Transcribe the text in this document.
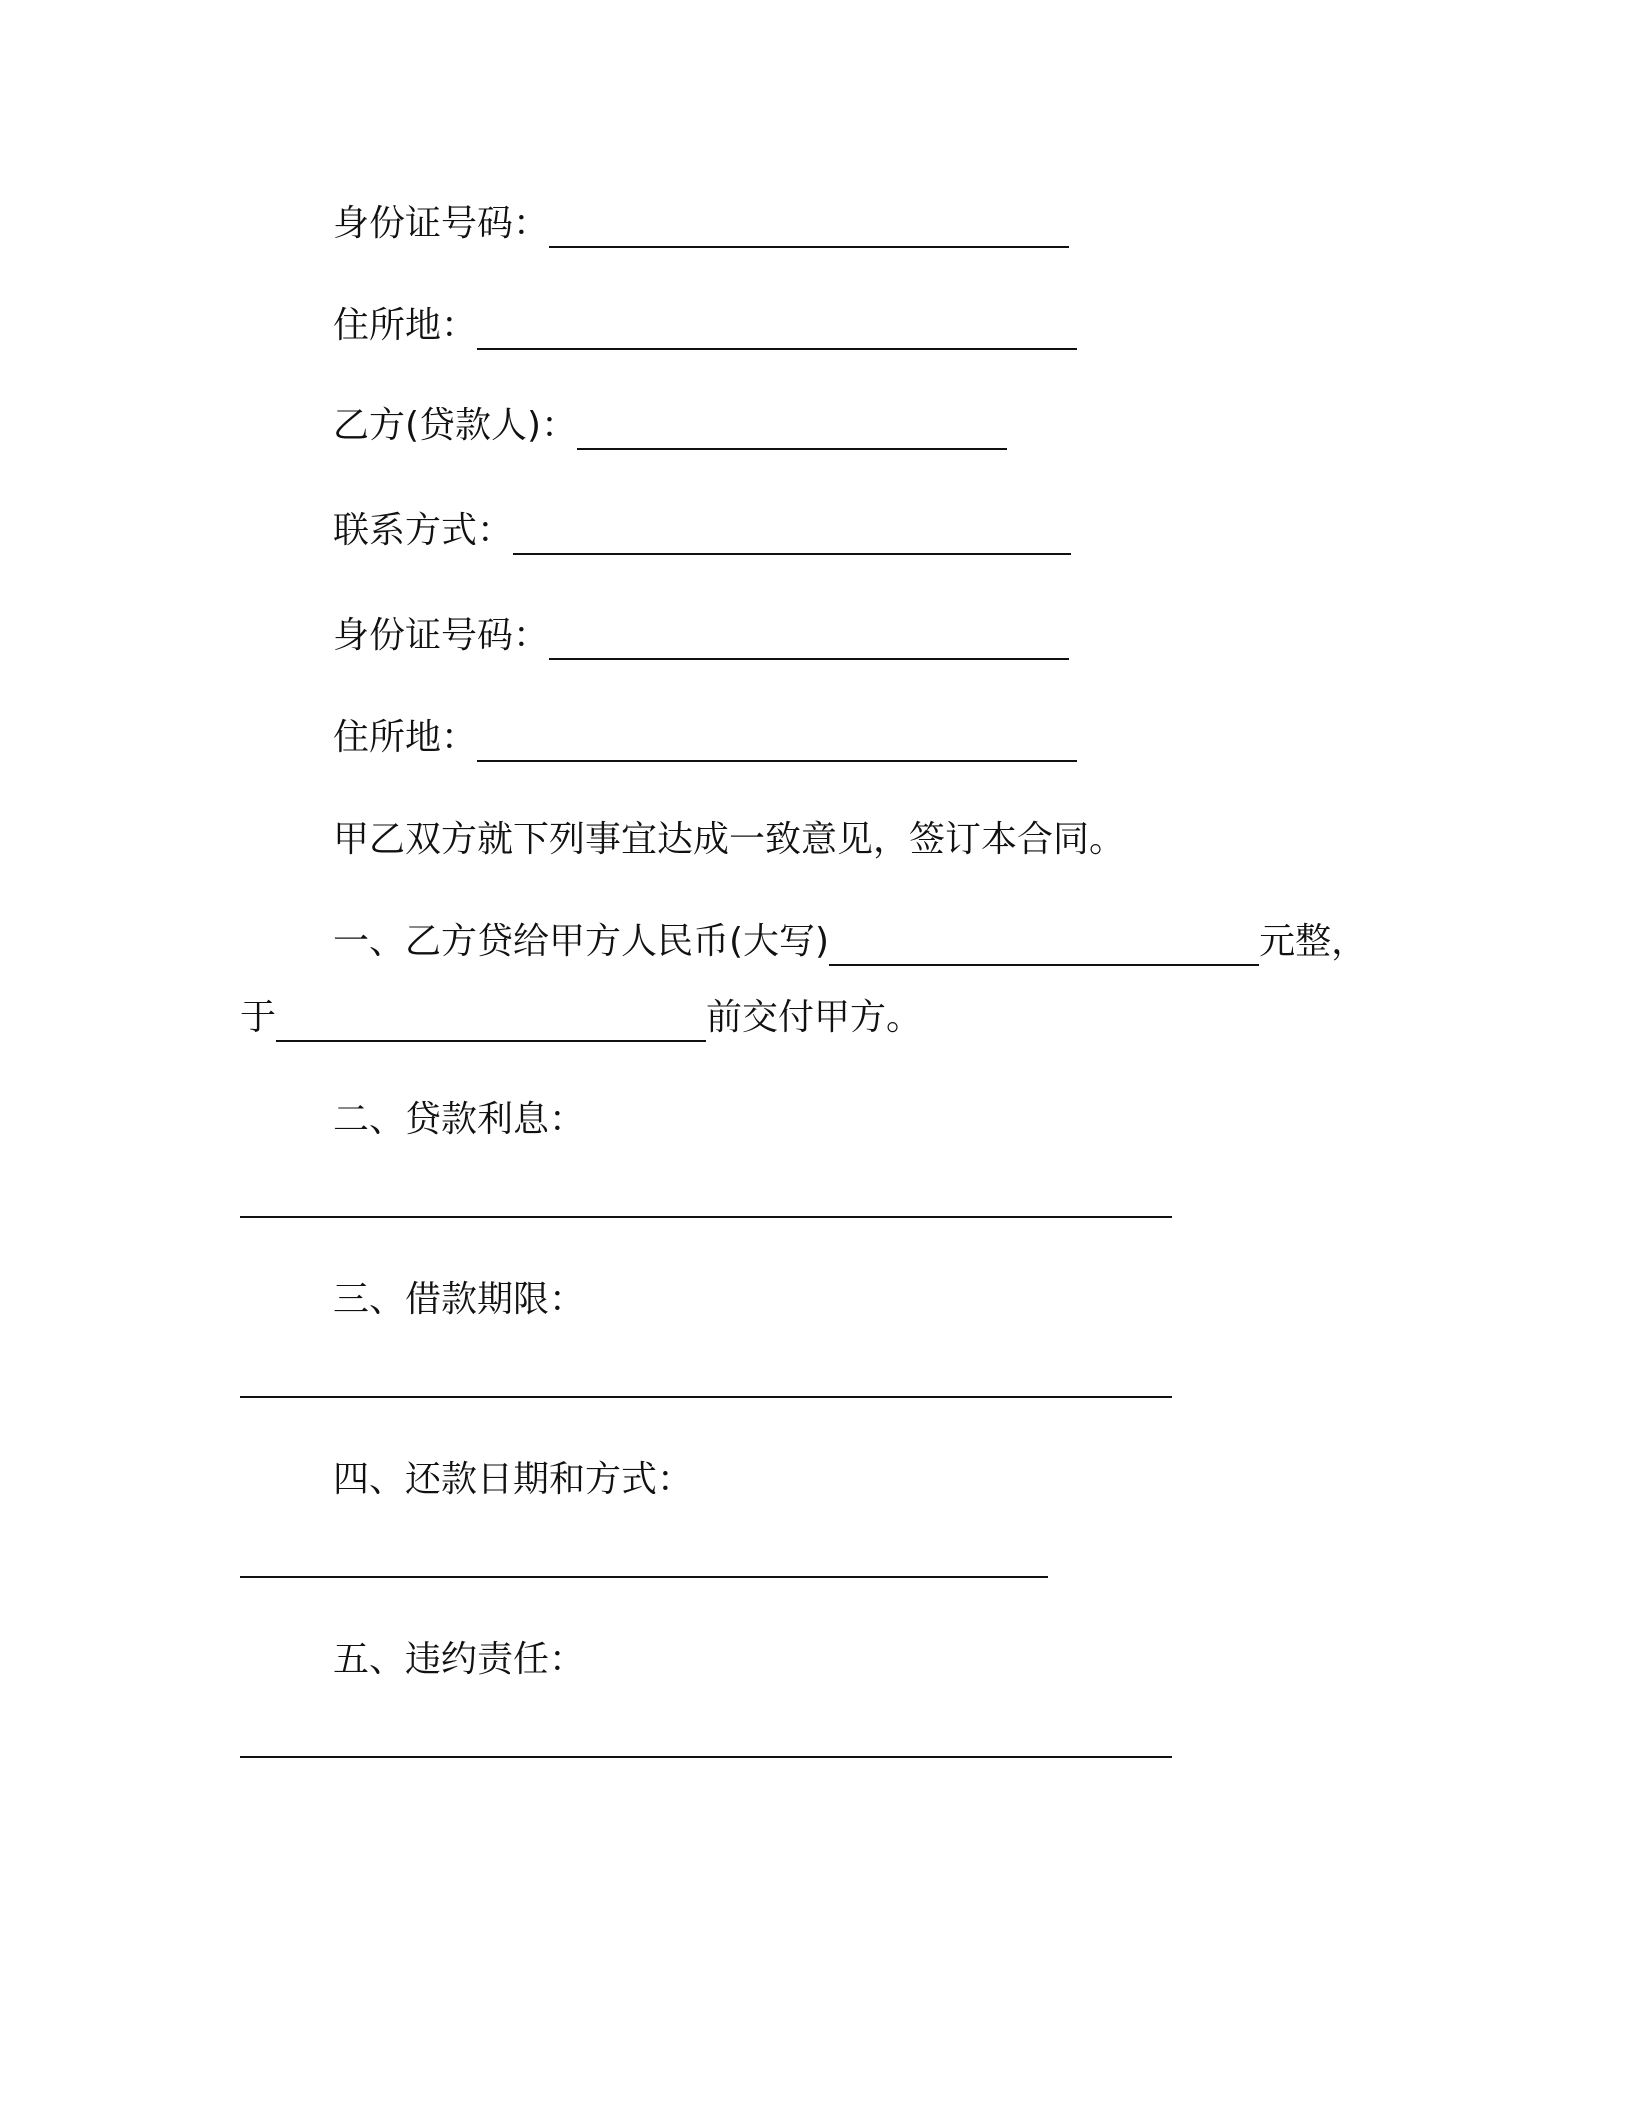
身份证号码：
住所地：
乙方(贷款人)：
联系方式：
身份证号码：
住所地：
甲乙双方就下列事宜达成一致意见，签订本合同。
一、乙方贷给甲方人民币(大写)	元整，
于	前交付甲方。
二、贷款利息：
三、借款期限：
四、还款日期和方式：
五、违约责任：
